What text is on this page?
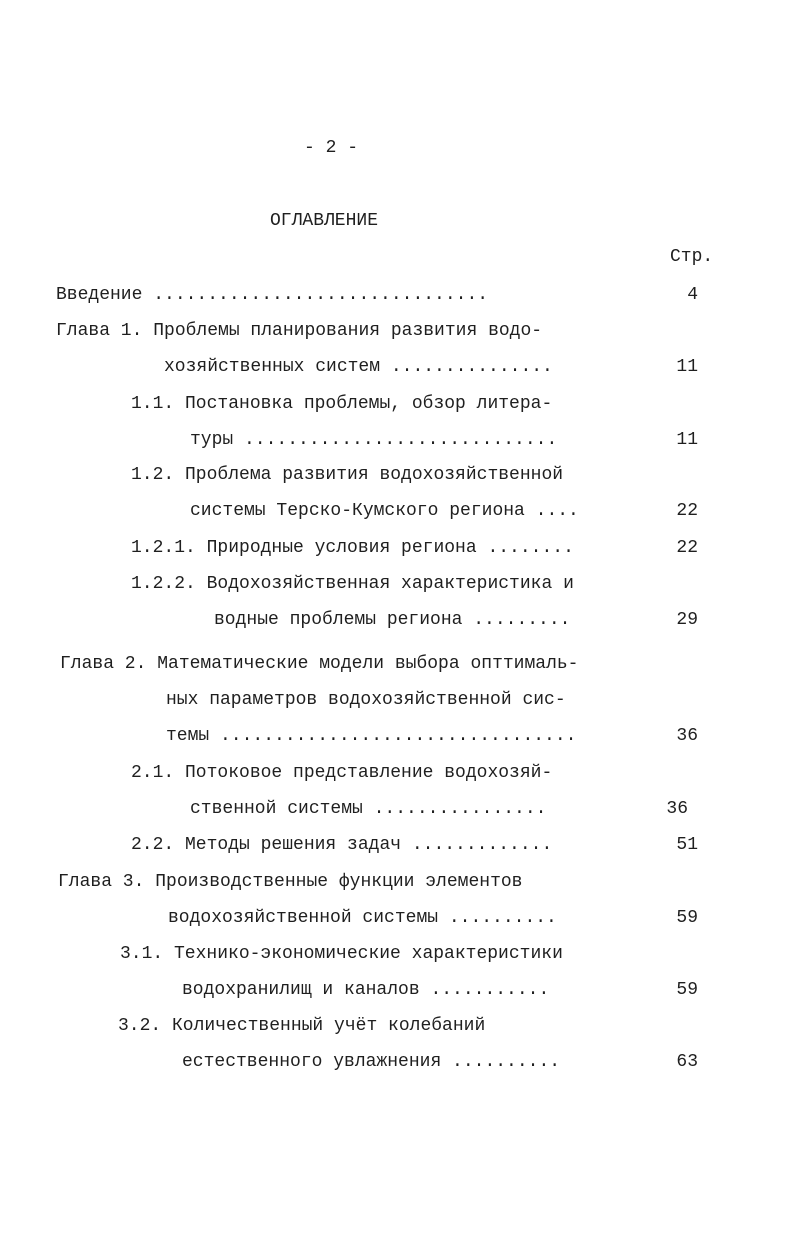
- 2 -
ОГЛАВЛЕНИЕ
Стр.
Введение ...............................	4
Глава 1. Проблемы планирования развития водо-
хозяйственных систем ...............	11
1.1. Постановка проблемы, обзор литера-
туры .............................	11
1.2. Проблема развития водохозяйственной
системы Терско-Кумского региона ....	22
1.2.1. Природные условия региона ........	22
1.2.2. Водохозяйственная характеристика и
водные проблемы региона .........	29
Глава 2. Математические модели выбора опттималь-
ных параметров водохозяйственной сис-
темы .................................	36
2.1. Потоковое представление водохозяй-
ственной системы ................	36
2.2. Методы решения задач .............	51
Глава 3. Производственные функции элементов
водохозяйственной системы ..........	59
3.1. Технико-экономические характеристики
водохранилищ и каналов ...........	59
3.2. Количественный учёт колебаний
естественного увлажнения ..........	63
